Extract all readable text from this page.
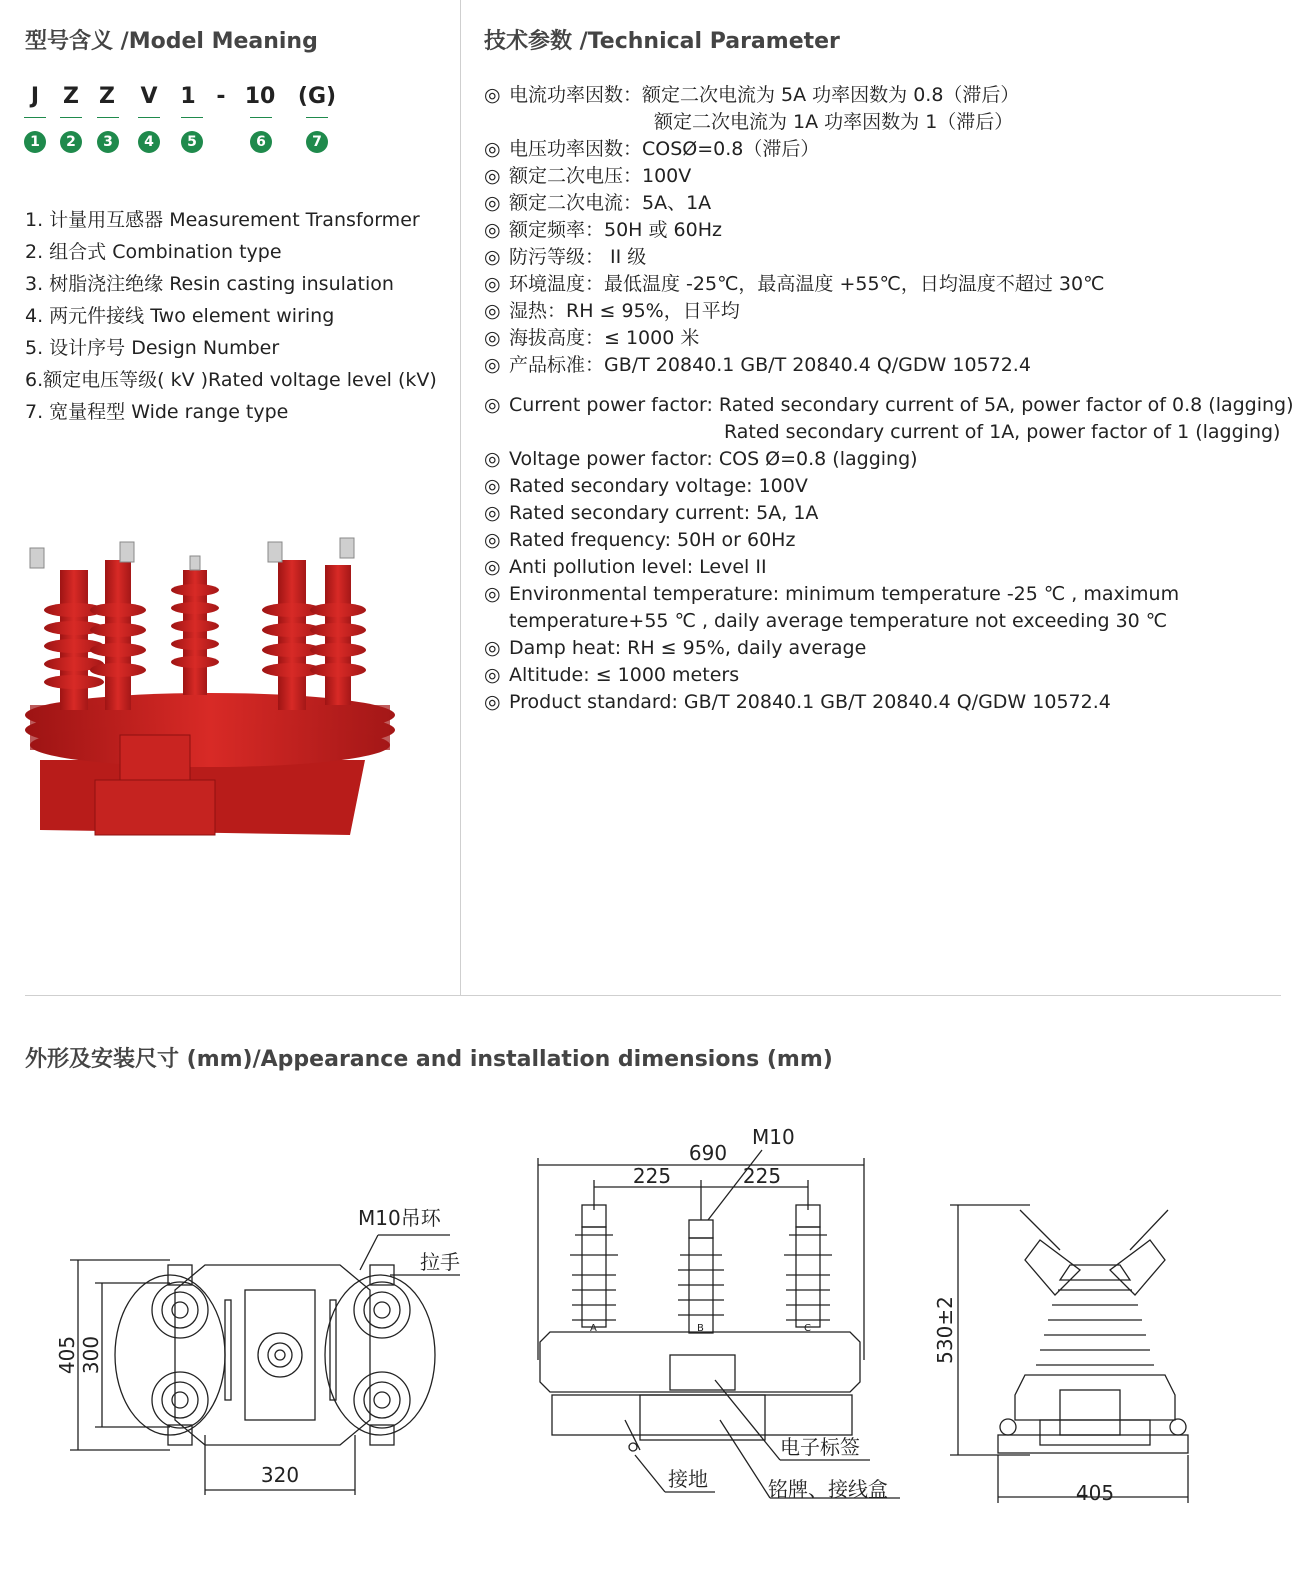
型号含义 /Model Meaning
J	Z Z	V	1 - 10 (G)
1	2	3	4	5	6	7
1. 计量用互感器 Measurement Transformer
2. 组合式 Combination type
3. 树脂浇注绝缘 Resin casting insulation
4. 两元件接线 Two element wiring
5. 设计序号 Design Number
6.额定电压等级( kV )Rated voltage level (kV)
7. 宽量程型 Wide range type
技术参数 /Technical Parameter
◎ 电流功率因数：额定二次电流为 5A 功率因数为 0.8（滞后）
额定二次电流为 1A 功率因数为 1（滞后）
◎ 电压功率因数：COSØ=0.8（滞后）
◎ 额定二次电压：100V
◎ 额定二次电流：5A、1A
◎ 额定频率：50H 或 60Hz
◎ 防污等级： II 级
◎ 环境温度：最低温度 -25℃，最高温度 +55℃，日均温度不超过 30℃
◎ 湿热：RH ≤ 95%，日平均
◎ 海拔高度：≤ 1000 米
◎ 产品标准：GB/T 20840.1 GB/T 20840.4 Q/GDW 10572.4
◎ Current power factor: Rated secondary current of 5A, power factor of 0.8 (lagging)
Rated secondary current of 1A, power factor of 1 (lagging)
◎ Voltage power factor: COS Ø=0.8 (lagging)
◎ Rated secondary voltage: 100V
◎ Rated secondary current: 5A, 1A
◎ Rated frequency: 50H or 60Hz
◎ Anti pollution level: Level II
◎ Environmental temperature: minimum temperature -25 ℃ , maximum
temperature+55 ℃ , daily average temperature not exceeding 30 ℃
◎ Damp heat: RH ≤ 95%, daily average
◎ Altitude: ≤ 1000 meters
◎ Product standard: GB/T 20840.1 GB/T 20840.4 Q/GDW 10572.4
外形及安装尺寸 (mm)/Appearance and installation dimensions (mm)
405 300
320
M10吊环
拉手
690
225	225
M10
A	B	C
接地
电子标签
铭牌、接线盒
530±2
405
